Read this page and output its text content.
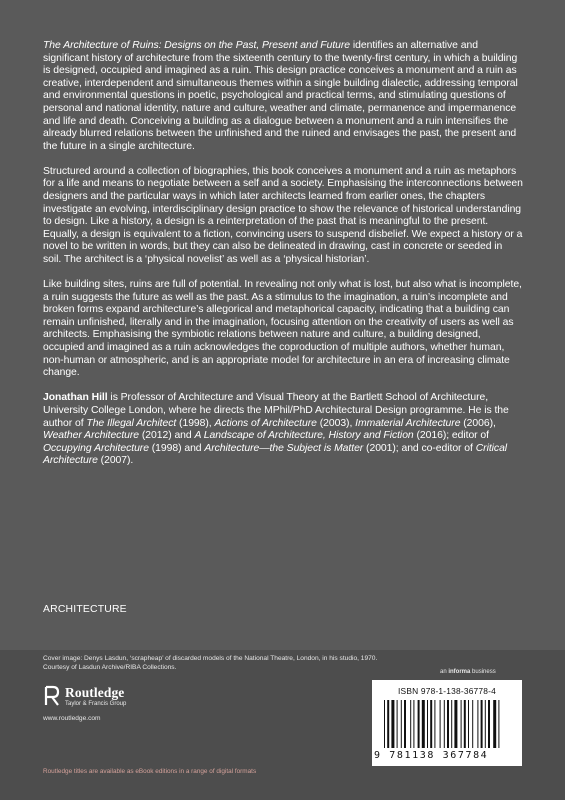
The Architecture of Ruins: Designs on the Past, Present and Future identifies an alternative and significant history of architecture from the sixteenth century to the twenty-first century, in which a building is designed, occupied and imagined as a ruin. This design practice conceives a monument and a ruin as creative, interdependent and simultaneous themes within a single building dialectic, addressing temporal and environmental questions in poetic, psychological and practical terms, and stimulating questions of personal and national identity, nature and culture, weather and climate, permanence and impermanence and life and death. Conceiving a building as a dialogue between a monument and a ruin intensifies the already blurred relations between the unfinished and the ruined and envisages the past, the present and the future in a single architecture.

Structured around a collection of biographies, this book conceives a monument and a ruin as metaphors for a life and means to negotiate between a self and a society. Emphasising the interconnections between designers and the particular ways in which later architects learned from earlier ones, the chapters investigate an evolving, interdisciplinary design practice to show the relevance of historical understanding to design. Like a history, a design is a reinterpretation of the past that is meaningful to the present. Equally, a design is equivalent to a fiction, convincing users to suspend disbelief. We expect a history or a novel to be written in words, but they can also be delineated in drawing, cast in concrete or seeded in soil. The architect is a ‘physical novelist’ as well as a ‘physical historian’.

Like building sites, ruins are full of potential. In revealing not only what is lost, but also what is incomplete, a ruin suggests the future as well as the past. As a stimulus to the imagination, a ruin’s incomplete and broken forms expand architecture’s allegorical and metaphorical capacity, indicating that a building can remain unfinished, literally and in the imagination, focusing attention on the creativity of users as well as architects. Emphasising the symbiotic relations between nature and culture, a building designed, occupied and imagined as a ruin acknowledges the coproduction of multiple authors, whether human, non-human or atmospheric, and is an appropriate model for architecture in an era of increasing climate change.

Jonathan Hill is Professor of Architecture and Visual Theory at the Bartlett School of Architecture, University College London, where he directs the MPhil/PhD Architectural Design programme. He is the author of The Illegal Architect (1998), Actions of Architecture (2003), Immaterial Architecture (2006), Weather Architecture (2012) and A Landscape of Architecture, History and Fiction (2016); editor of Occupying Architecture (1998) and Architecture—the Subject is Matter (2001); and co-editor of Critical Architecture (2007).

ARCHITECTURE
Cover image: Denys Lasdun, ‘scrapheap’ of discarded models of the National Theatre, London, in his studio, 1970. Courtesy of Lasdun Archive/RIBA Collections.
Routledge
Taylor & Francis Group
www.routledge.com
Routledge titles are available as eBook editions in a range of digital formats
an informa business
ISBN 978-1-138-36778-4
9 781138 367784
